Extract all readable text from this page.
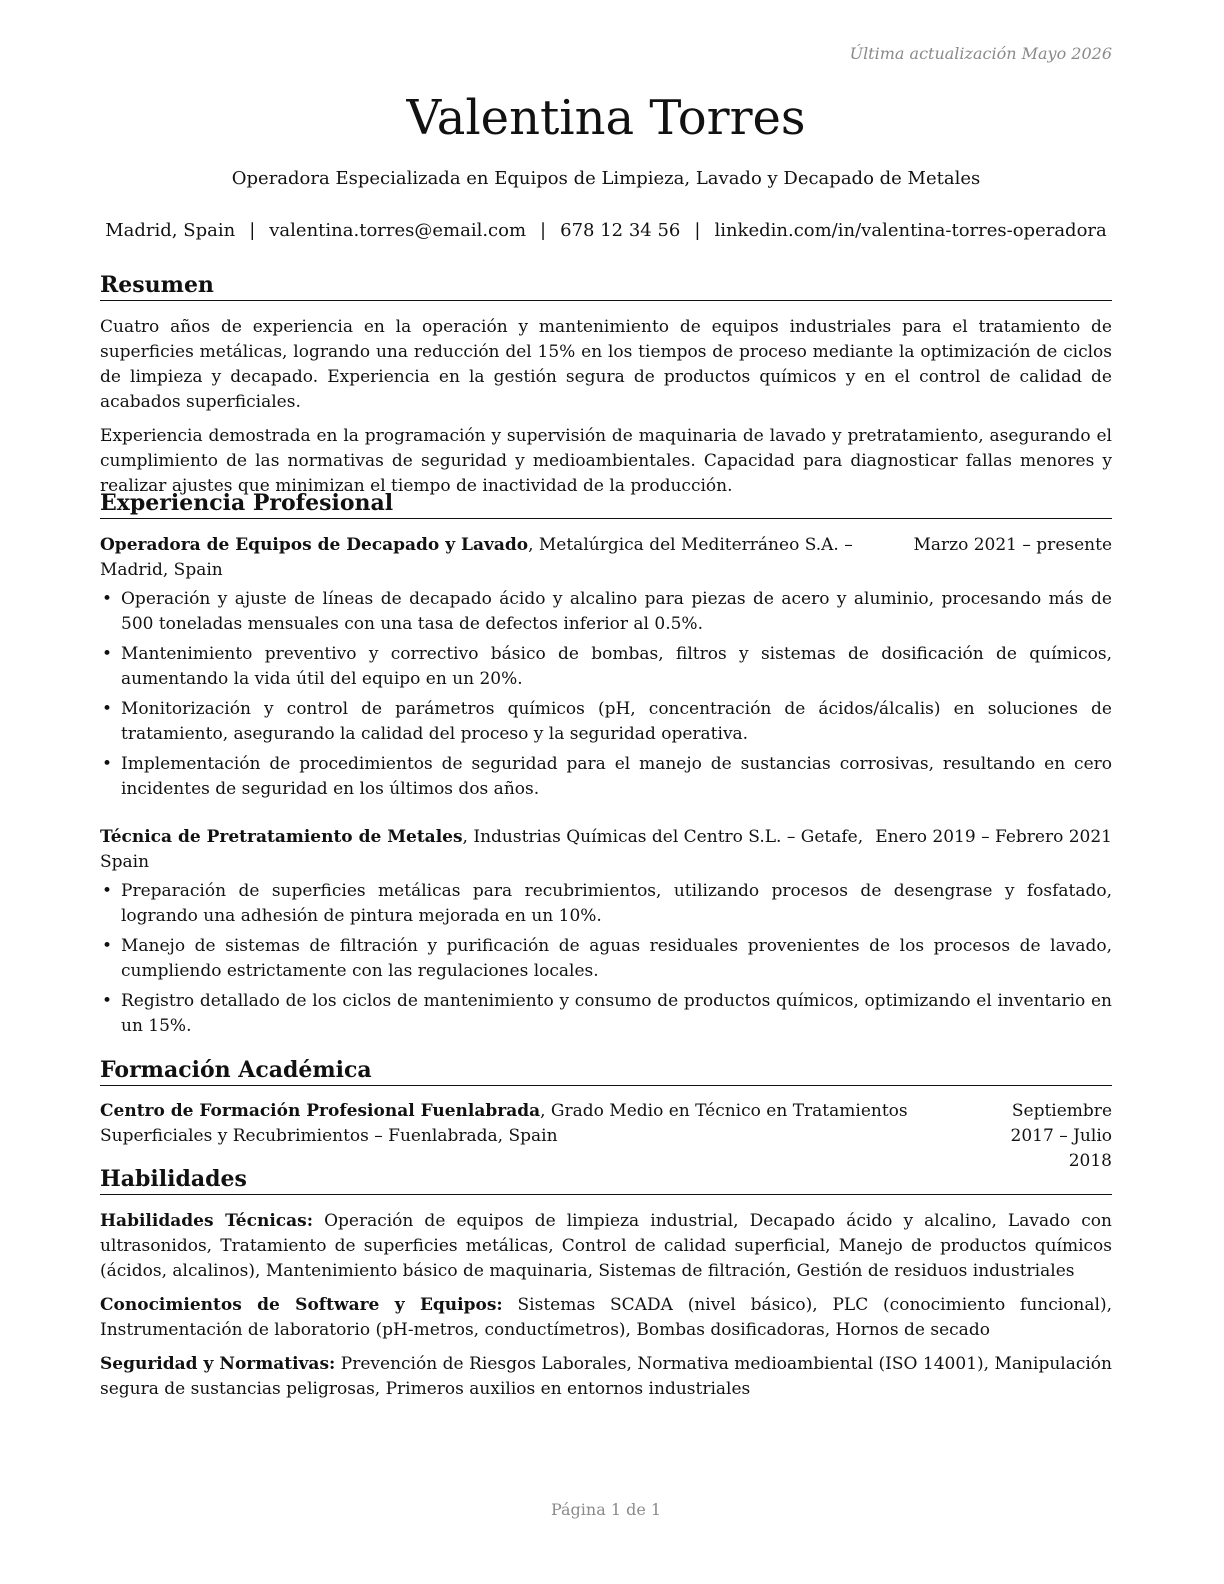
Última actualización Mayo 2026
Valentina Torres
Operadora Especializada en Equipos de Limpieza, Lavado y Decapado de Metales
Madrid, Spain | valentina.torres@email.com | 678 12 34 56 | linkedin.com/in/valentina-torres-operadora
Resumen

Cuatro años de experiencia en la operación y mantenimiento de equipos industriales para el tratamiento de superficies metálicas, logrando una reducción del 15% en los tiempos de proceso mediante la optimización de ciclos de limpieza y decapado. Experiencia en la gestión segura de productos químicos y en el control de calidad de acabados superficiales.

Experiencia demostrada en la programación y supervisión de maquinaria de lavado y pretratamiento, asegurando el cumplimiento de las normativas de seguridad y medioambientales. Capacidad para diagnosticar fallas menores y realizar ajustes que minimizan el tiempo de inactividad de la producción.

Experiencia Profesional
Operadora de Equipos de Decapado y Lavado, Metalúrgica del Mediterráneo S.A. – Madrid, Spain
Marzo 2021 – presente
• Operación y ajuste de líneas de decapado ácido y alcalino para piezas de acero y aluminio, procesando más de 500 toneladas mensuales con una tasa de defectos inferior al 0.5%.
• Mantenimiento preventivo y correctivo básico de bombas, filtros y sistemas de dosificación de químicos, aumentando la vida útil del equipo en un 20%.
• Monitorización y control de parámetros químicos (pH, concentración de ácidos/álcalis) en soluciones de tratamiento, asegurando la calidad del proceso y la seguridad operativa.
• Implementación de procedimientos de seguridad para el manejo de sustancias corrosivas, resultando en cero incidentes de seguridad en los últimos dos años.
Técnica de Pretratamiento de Metales, Industrias Químicas del Centro S.L. – Getafe, Spain
Enero 2019 – Febrero 2021
• Preparación de superficies metálicas para recubrimientos, utilizando procesos de desengrase y fosfatado, logrando una adhesión de pintura mejorada en un 10%.
• Manejo de sistemas de filtración y purificación de aguas residuales provenientes de los procesos de lavado, cumpliendo estrictamente con las regulaciones locales.
• Registro detallado de los ciclos de mantenimiento y consumo de productos químicos, optimizando el inventario en un 15%.
Formación Académica
Centro de Formación Profesional Fuenlabrada, Grado Medio en Técnico en Tratamientos Superficiales y Recubrimientos – Fuenlabrada, Spain
Septiembre 2017 – Julio 2018
Habilidades

Habilidades Técnicas: Operación de equipos de limpieza industrial, Decapado ácido y alcalino, Lavado con ultrasonidos, Tratamiento de superficies metálicas, Control de calidad superficial, Manejo de productos químicos (ácidos, alcalinos), Mantenimiento básico de maquinaria, Sistemas de filtración, Gestión de residuos industriales

Conocimientos de Software y Equipos: Sistemas SCADA (nivel básico), PLC (conocimiento funcional), Instrumentación de laboratorio (pH-metros, conductímetros), Bombas dosificadoras, Hornos de secado

Seguridad y Normativas: Prevención de Riesgos Laborales, Normativa medioambiental (ISO 14001), Manipulación segura de sustancias peligrosas, Primeros auxilios en entornos industriales

Página 1 de 1
